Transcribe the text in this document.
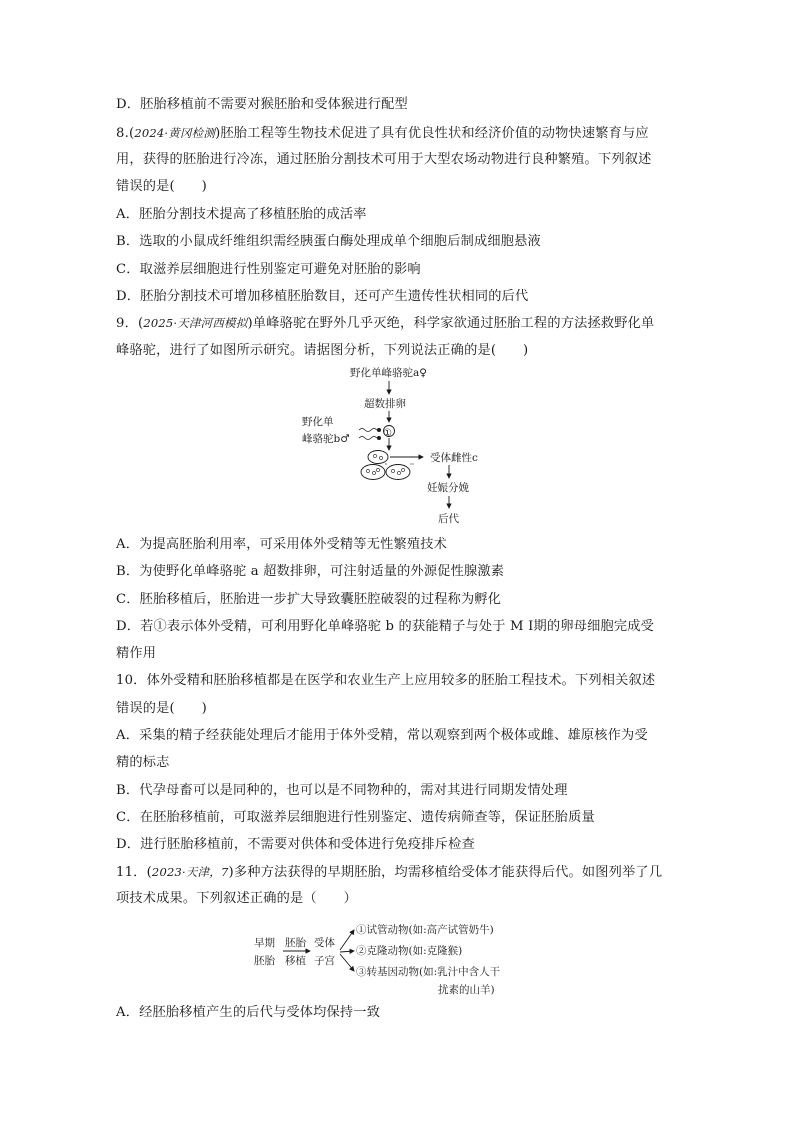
D．胚胎移植前不需要对猴胚胎和受体猴进行配型
8.(2024·黄冈检测)胚胎工程等生物技术促进了具有优良性状和经济价值的动物快速繁育与应
用，获得的胚胎进行冷冻，通过胚胎分割技术可用于大型农场动物进行良种繁殖。下列叙述
错误的是(　　)
A．胚胎分割技术提高了移植胚胎的成活率
B．选取的小鼠成纤维组织需经胰蛋白酶处理成单个细胞后制成细胞悬液
C．取滋养层细胞进行性别鉴定可避免对胚胎的影响
D．胚胎分割技术可增加移植胚胎数目，还可产生遗传性状相同的后代
9．(2025·天津河西模拟)单峰骆驼在野外几乎灭绝，科学家欲通过胚胎工程的方法拯救野化单
峰骆驼，进行了如图所示研究。请据图分析，下列说法正确的是(　　)
野化单峰骆驼a♀
超数排卵
野化单
峰骆驼b♂	①
受体雌性c
妊娠分娩
后代
A．为提高胚胎利用率，可采用体外受精等无性繁殖技术
B．为使野化单峰骆驼 a 超数排卵，可注射适量的外源促性腺激素
C．胚胎移植后，胚胎进一步扩大导致囊胚腔破裂的过程称为孵化
D．若①表示体外受精，可利用野化单峰骆驼 b 的获能精子与处于 M Ⅰ期的卵母细胞完成受
精作用
10．体外受精和胚胎移植都是在医学和农业生产上应用较多的胚胎工程技术。下列相关叙述
错误的是(　　)
A．采集的精子经获能处理后才能用于体外受精，常以观察到两个极体或雌、雄原核作为受
精的标志
B．代孕母畜可以是同种的，也可以是不同物种的，需对其进行同期发情处理
C．在胚胎移植前，可取滋养层细胞进行性别鉴定、遗传病筛查等，保证胚胎质量
D．进行胚胎移植前，不需要对供体和受体进行免疫排斥检查
11．(2023·天津，7)多种方法获得的早期胚胎，均需移植给受体才能获得后代。如图列举了几
项技术成果。下列叙述正确的是（　　）
早期
胚胎
胚胎
移植
受体
子宫
①试管动物(如:高产试管奶牛)
②克隆动物(如:克隆猴)
③转基因动物(如:乳汁中含人干
扰素的山羊)
A．经胚胎移植产生的后代与受体均保持一致
